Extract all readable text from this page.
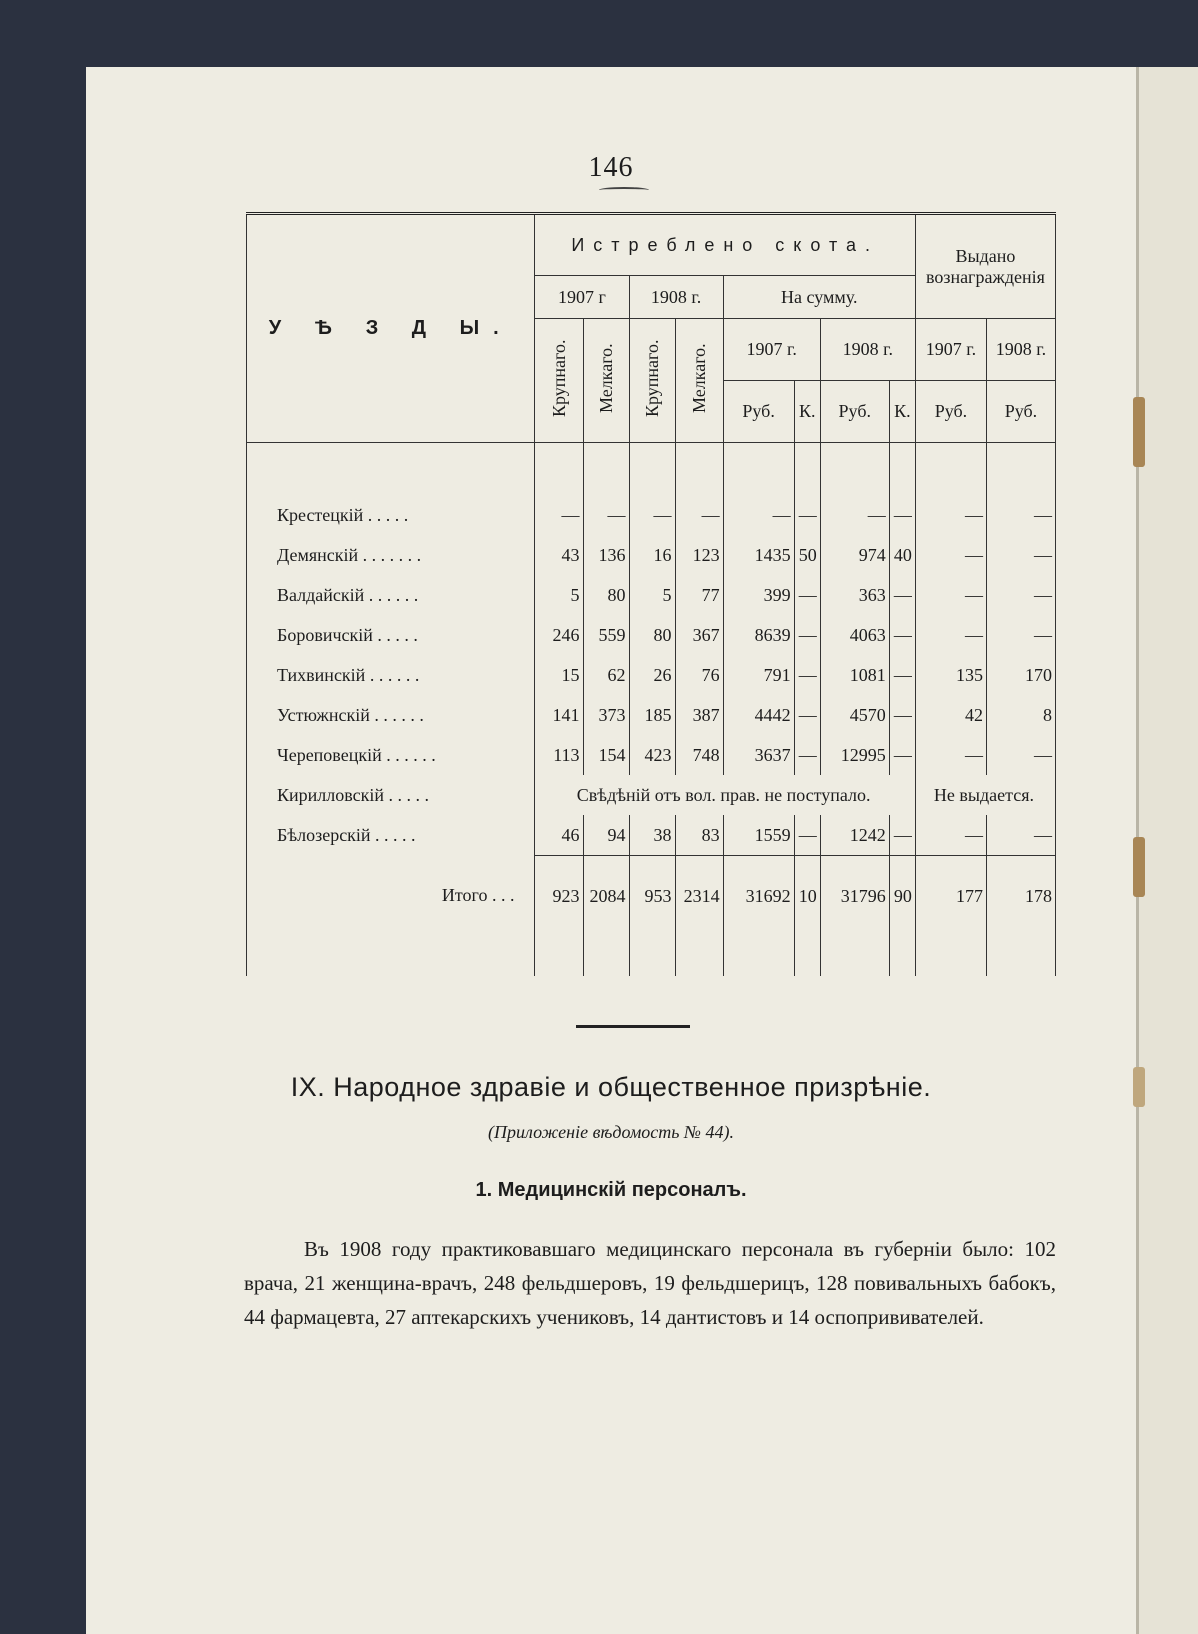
146
У Ѣ З Д Ы.	Истреблено скота.								Выдано вознагражденія	
	1907 г		1908 г.		На сумму.					
	Крупнаго.	Мелкаго.	Крупнаго.	Мелкаго.	1907 г.		1908 г.		1907 г.	1908 г.
					Руб.	К.	Руб.	К.	Руб.	Руб.

Крестецкій . . . . .	—	—	—	—	—	—	—	—	—	—
Демянскій . . . . . . .	43	136	16	123	1435	50	974	40	—	—
Валдайскій . . . . . .	5	80	5	77	399	—	363	—	—	—
Боровичскій . . . . .	246	559	80	367	8639	—	4063	—	—	—
Тихвинскій . . . . . .	15	62	26	76	791	—	1081	—	135	170
Устюжнскій . . . . . .	141	373	185	387	4442	—	4570	—	42	8
Череповецкій . . . . . .	113	154	423	748	3637	—	12995	—	—	—
Кирилловскій . . . . .	Свѣдѣній отъ вол. прав. не поступало.								Не выдается.	
Бѣлозерскій . . . . .	46	94	38	83	1559	—	1242	—	—	—
Итого . . .	923	2084	953	2314	31692	10	31796	90	177	178

IX. Народное здравіе и общественное призрѣніе.
(Приложеніе вѣдомость № 44).
1. Медицинскій персоналъ.
Въ 1908 году практиковавшаго медицинскаго персонала въ губерніи было: 102 врача, 21 женщина-врачъ, 248 фельдшеровъ, 19 фельдшерицъ, 128 повивальныхъ бабокъ, 44 фармацевта, 27 аптекарскихъ учениковъ, 14 дантистовъ и 14 оспопрививателей.
